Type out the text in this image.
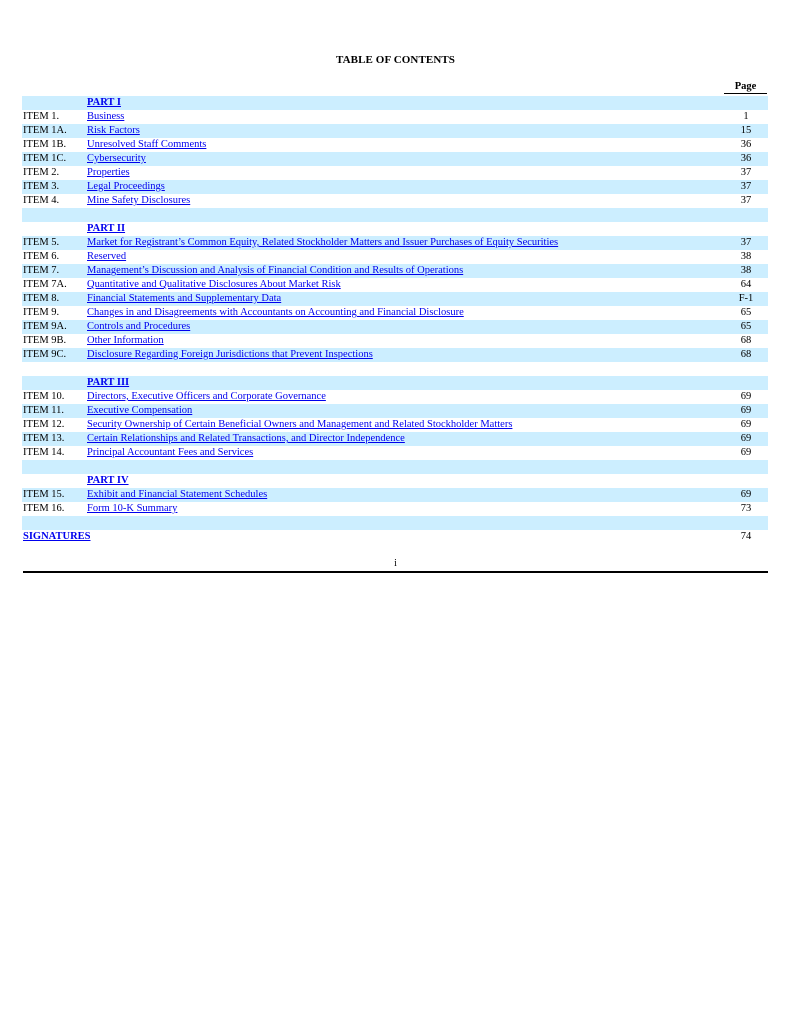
TABLE OF CONTENTS
Page
PART I
ITEM 1.	Business	1
ITEM 1A. Risk Factors	15
ITEM 1B. Unresolved Staff Comments	36
ITEM 1C. Cybersecurity	36
ITEM 2.	Properties	37
ITEM 3.	Legal Proceedings	37
ITEM 4.	Mine Safety Disclosures	37
PART II
ITEM 5.	Market for Registrant’s Common Equity, Related Stockholder Matters and Issuer Purchases of Equity Securities	37
ITEM 6.	Reserved	38
ITEM 7.	Management’s Discussion and Analysis of Financial Condition and Results of Operations	38
ITEM 7A. Quantitative and Qualitative Disclosures About Market Risk	64
ITEM 8.	Financial Statements and Supplementary Data	F-1
ITEM 9.	Changes in and Disagreements with Accountants on Accounting and Financial Disclosure	65
ITEM 9A. Controls and Procedures	65
ITEM 9B. Other Information	68
ITEM 9C. Disclosure Regarding Foreign Jurisdictions that Prevent Inspections	68
PART III
ITEM 10. Directors, Executive Officers and Corporate Governance	69
ITEM 11. Executive Compensation	69
ITEM 12. Security Ownership of Certain Beneficial Owners and Management and Related Stockholder Matters	69
ITEM 13. Certain Relationships and Related Transactions, and Director Independence	69
ITEM 14. Principal Accountant Fees and Services	69
PART IV
ITEM 15. Exhibit and Financial Statement Schedules	69
ITEM 16. Form 10-K Summary	73
SIGNATURES	74
i
